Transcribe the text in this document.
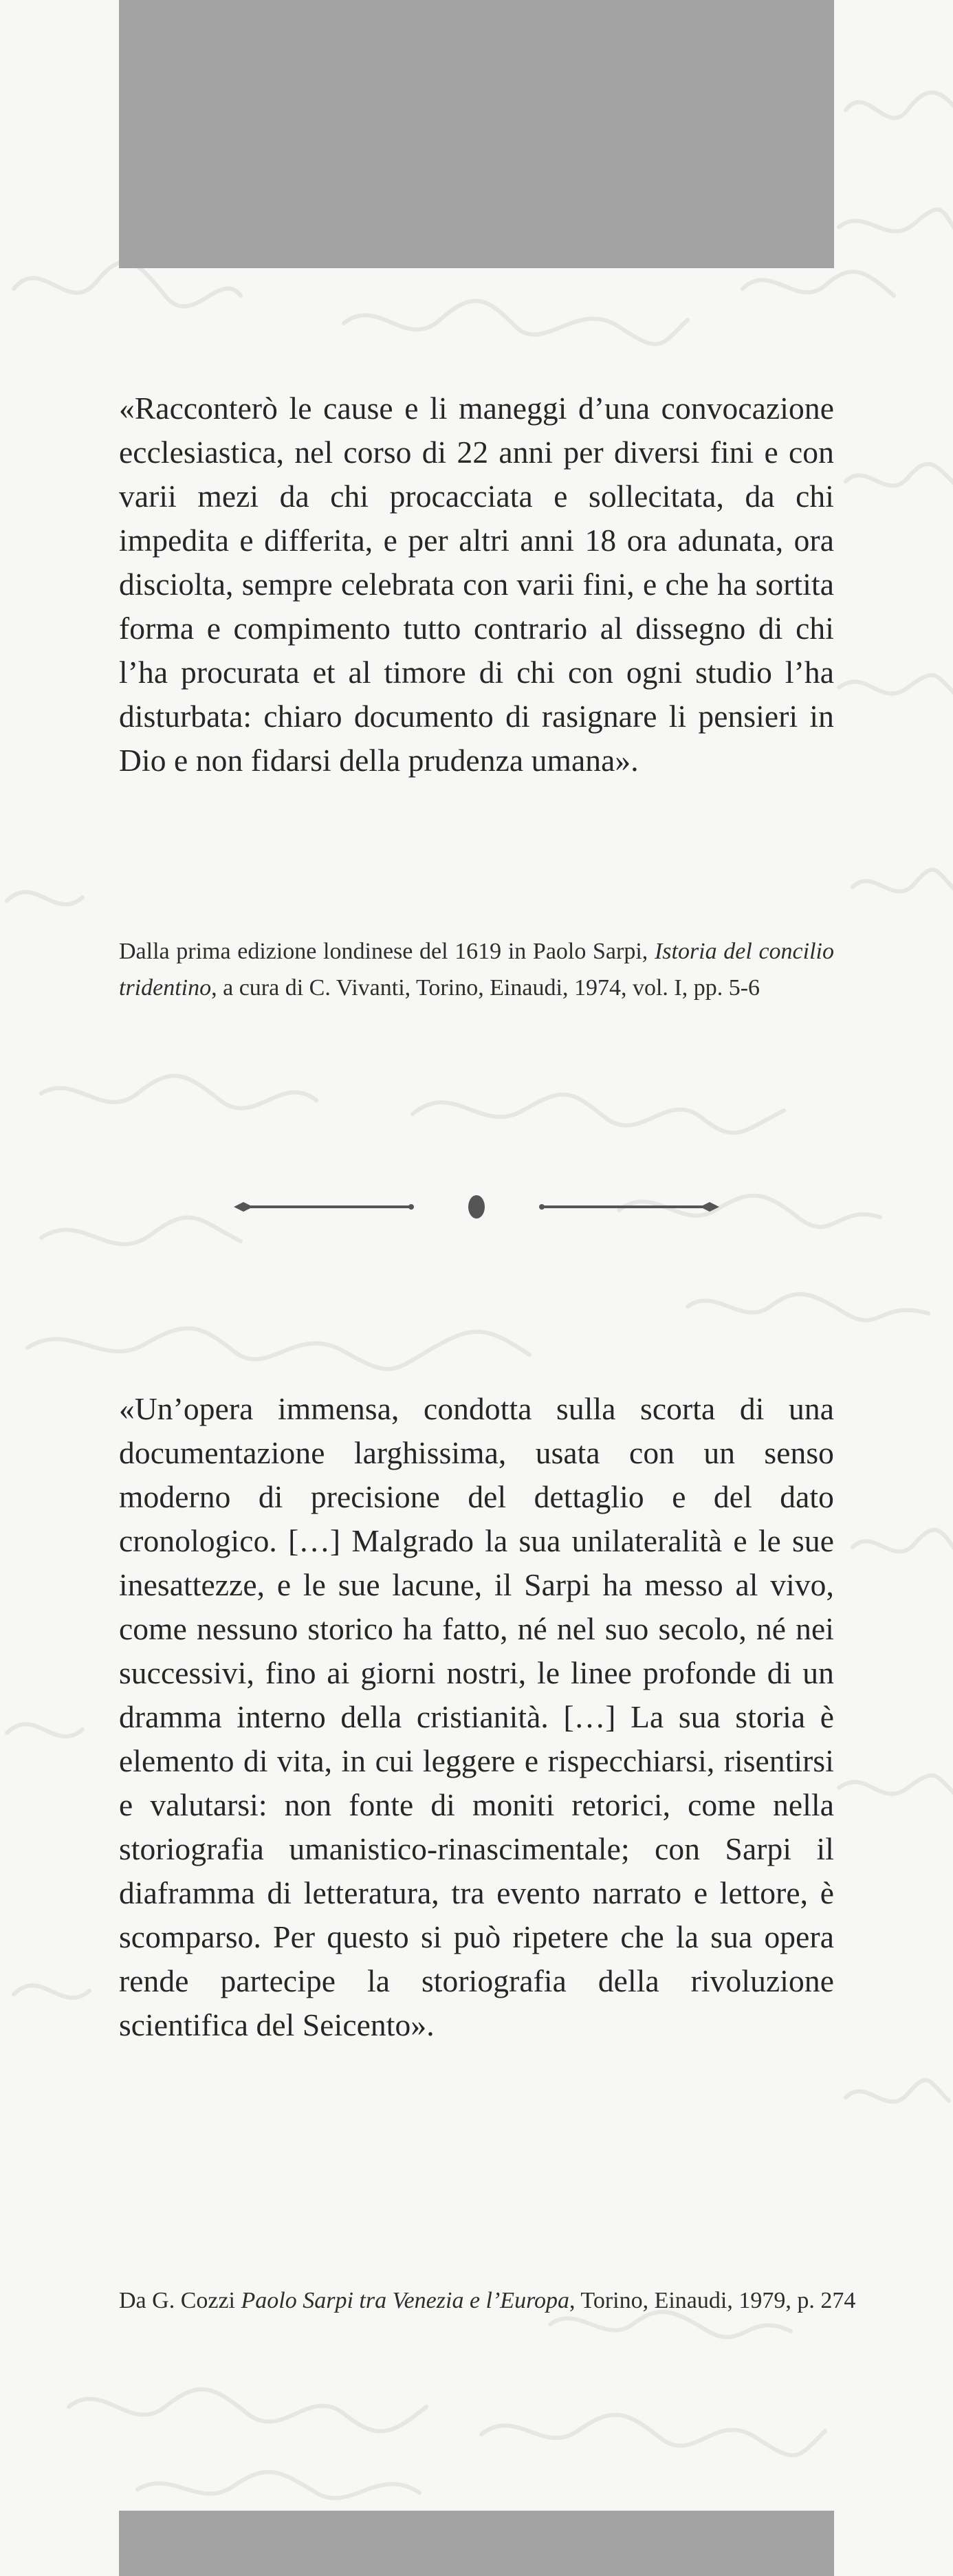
«Racconterò le cause e li maneggi d’una convocazione ecclesiastica, nel corso di 22 anni per diversi fini e con varii mezi da chi procacciata e sollecitata, da chi impedita e differita, e per altri anni 18 ora adunata, ora disciolta, sempre celebrata con varii fini, e che ha sortita forma e compimento tutto contrario al dissegno di chi l’ha procurata et al timore di chi con ogni studio l’ha disturbata: chiaro documento di rasignare li pensieri in Dio e non fidarsi della prudenza umana».
Dalla prima edizione londinese del 1619 in Paolo Sarpi, Istoria del concilio tridentino, a cura di C. Vivanti, Torino, Einaudi, 1974, vol. I, pp. 5-6
«Un’opera immensa, condotta sulla scorta di una documentazione larghissima, usata con un senso moderno di precisione del dettaglio e del dato cronologico. […] Malgrado la sua unilateralità e le sue inesattezze, e le sue lacune, il Sarpi ha messo al vivo, come nessuno storico ha fatto, né nel suo secolo, né nei successivi, fino ai giorni nostri, le linee profonde di un dramma interno della cristianità. […] La sua storia è elemento di vita, in cui leggere e rispecchiarsi, risentirsi e valutarsi: non fonte di moniti retorici, come nella storiografia umanistico-rinascimentale; con Sarpi il diaframma di letteratura, tra evento narrato e lettore, è scomparso. Per questo si può ripetere che la sua opera rende partecipe la storiografia della rivoluzione scientifica del Seicento».
Da G. Cozzi Paolo Sarpi tra Venezia e l’Europa, Torino, Einaudi, 1979, p. 274
